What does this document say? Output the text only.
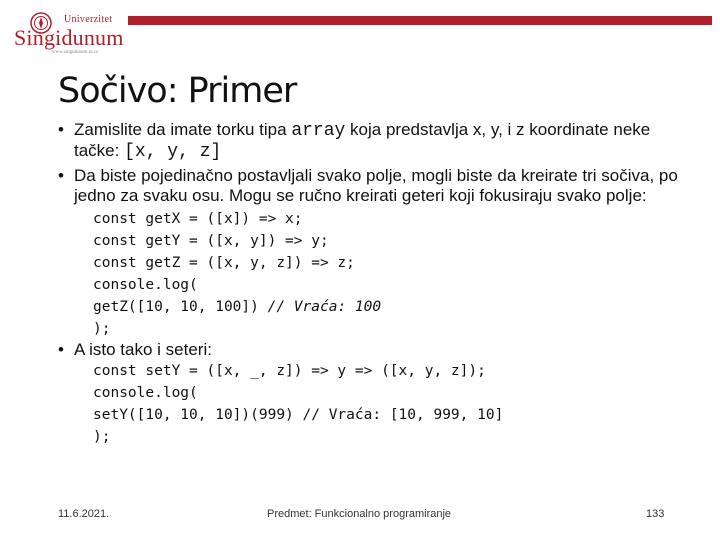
Univerzitet
Singidunum
www.singidunum.ac.rs
Sočivo: Primer

• Zamislite da imate torku tipa array koja predstavlja x, y, i z koordinate neke tačke: [x, y, z]

• Da biste pojedinačno postavljali svako polje, mogli biste da kreirate tri sočiva, po jedno za svaku osu. Mogu se ručno kreirati geteri koji fokusiraju svako polje:

const getX = ([x]) => x;
const getY = ([x, y]) => y;
const getZ = ([x, y, z]) => z;
console.log(
getZ([10, 10, 100]) // Vraća: 100
);

• A isto tako i seteri:

const setY = ([x, _, z]) => y => ([x, y, z]);
console.log(
setY([10, 10, 10])(999) // Vraća: [10, 999, 10]
);
11.6.2021.	Predmet: Funkcionalno programiranje	133
